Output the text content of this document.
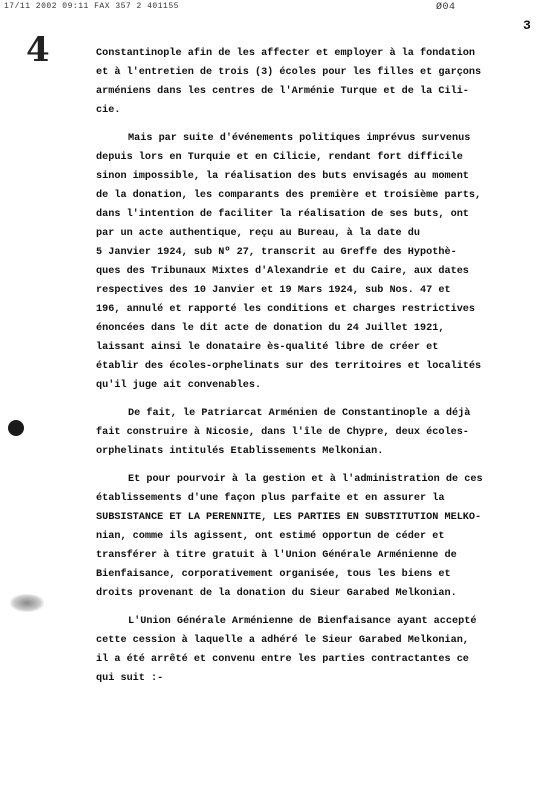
17/11 2002 09:11 FAX 357 2 401155	Ø04
3
4	Constantinople afin de les affecter et employer à la fondation
et à l'entretien de trois (3) écoles pour les filles et garçons
arméniens dans les centres de l'Arménie Turque et de la Cili-
cie.

Mais par suite d'événements politiques imprévus survenus
depuis lors en Turquie et en Cilicie, rendant fort difficile
sinon impossible, la réalisation des buts envisagés au moment
de la donation, les comparants des première et troisième parts,
dans l'intention de faciliter la réalisation de ses buts, ont
par un acte authentique, reçu au Bureau, à la date du
5 Janvier 1924, sub Nº 27, transcrit au Greffe des Hypothè-
ques des Tribunaux Mixtes d'Alexandrie et du Caire, aux dates
respectives des 10 Janvier et 19 Mars 1924, sub Nos. 47 et
196, annulé et rapporté les conditions et charges restrictives
énoncées dans le dit acte de donation du 24 Juillet 1921,
laissant ainsi le donataire ès-qualité libre de créer et
établir des écoles-orphelinats sur des territoires et localités
qu'il juge ait convenables.

De fait, le Patriarcat Arménien de Constantinople a déjà
fait construire à Nicosie, dans l'île de Chypre, deux écoles-
orphelinats intitulés Etablissements Melkonian.

Et pour pourvoir à la gestion et à l'administration de ces
établissements d'une façon plus parfaite et en assurer la
SUBSISTANCE ET LA PERENNITE, LES PARTIES EN SUBSTITUTION MELKO-
nian, comme ils agissent, ont estimé opportun de céder et
transférer à titre gratuit à l'Union Générale Arménienne de
Bienfaisance, corporativement organisée, tous les biens et
droits provenant de la donation du Sieur Garabed Melkonian.

L'Union Générale Arménienne de Bienfaisance ayant accepté
cette cession à laquelle a adhéré le Sieur Garabed Melkonian,
il a été arrêté et convenu entre les parties contractantes ce
qui suit :-
